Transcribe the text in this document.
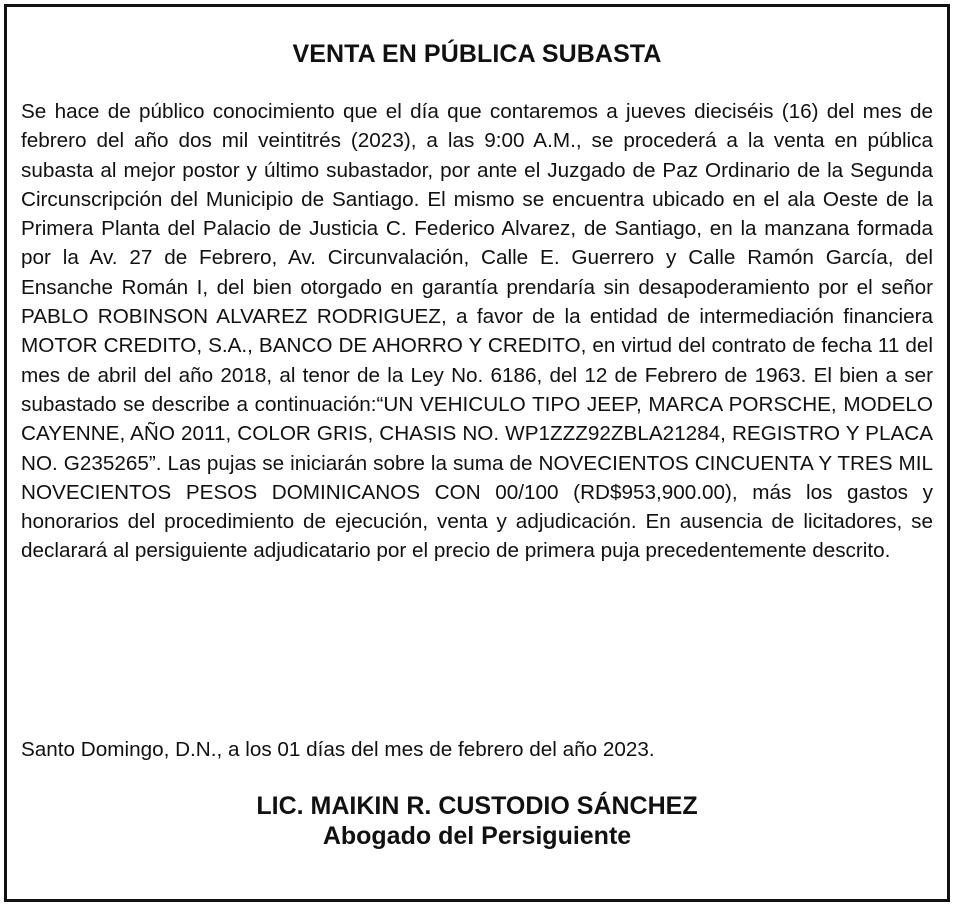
VENTA EN PÚBLICA SUBASTA

Se hace de público conocimiento que el día que contaremos a jueves dieciséis (16) del mes de febrero del año dos mil veintitrés (2023), a las 9:00 A.M., se procederá a la venta en pública subasta al mejor postor y último subastador, por ante el Juzgado de Paz Ordinario de la Segunda Circunscripción del Municipio de Santiago. El mismo se encuentra ubicado en el ala Oeste de la Primera Planta del Palacio de Justicia C. Federico Alvarez, de Santiago, en la manzana formada por la Av. 27 de Febrero, Av. Circunvalación, Calle E. Guerrero y Calle Ramón García, del Ensanche Román I, del bien otorgado en garantía prendaría sin desapoderamiento por el señor PABLO ROBINSON ALVAREZ RODRIGUEZ, a favor de la entidad de intermediación financiera MOTOR CREDITO, S.A., BANCO DE AHORRO Y CREDITO, en virtud del contrato de fecha 11 del mes de abril del año 2018, al tenor de la Ley No. 6186, del 12 de Febrero de 1963. El bien a ser subastado se describe a continuación:“UN VEHICULO TIPO JEEP, MARCA PORSCHE, MODELO CAYENNE, AÑO 2011, COLOR GRIS, CHASIS NO. WP1ZZZ92ZBLA21284, REGISTRO Y PLACA NO. G235265”. Las pujas se iniciarán sobre la suma de NOVECIENTOS CINCUENTA Y TRES MIL NOVECIENTOS PESOS DOMINICANOS CON 00/100 (RD$953,900.00), más los gastos y honorarios del procedimiento de ejecución, venta y adjudicación. En ausencia de licitadores, se declarará al persiguiente adjudicatario por el precio de primera puja precedentemente descrito.

Santo Domingo, D.N., a los 01 días del mes de febrero del año 2023.

LIC. MAIKIN R. CUSTODIO SÁNCHEZ
Abogado del Persiguiente
